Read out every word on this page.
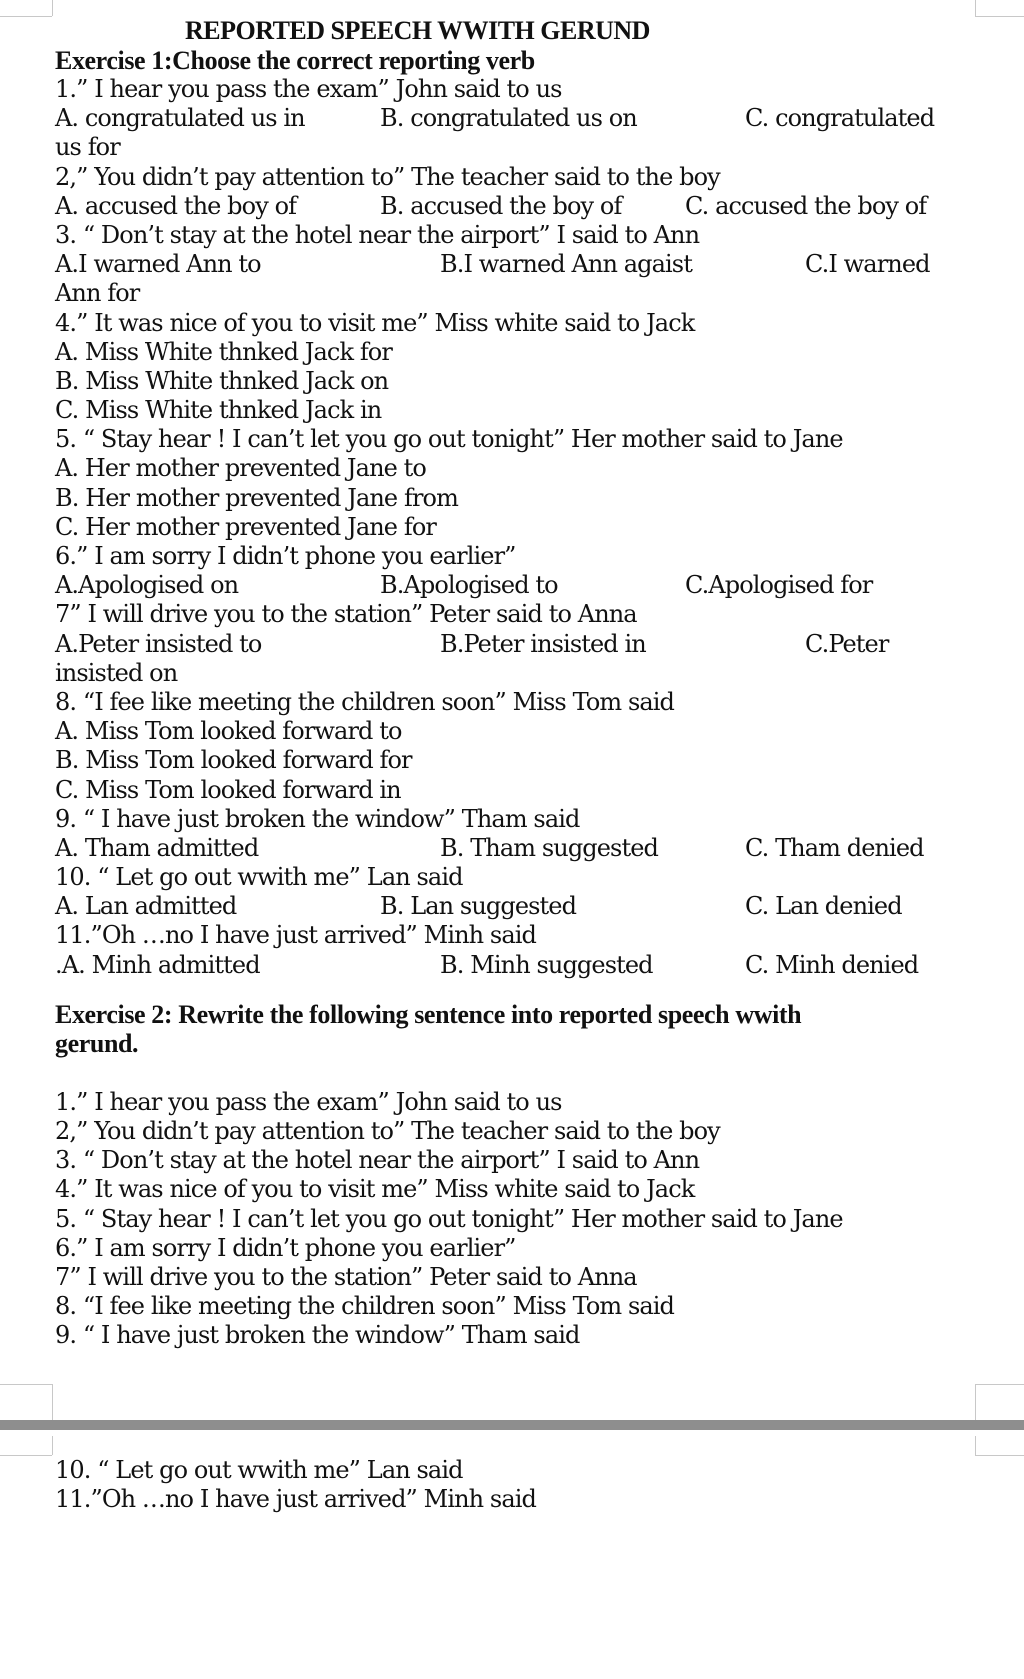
REPORTED SPEECH WWITH GERUND
Exercise 1:Choose the correct reporting verb
1.” I hear you pass the exam” John said to us
A. congratulated us in	B. congratulated us on	C. congratulated
us for
2,” You didn’t pay attention to” The teacher said to the boy
A. accused the boy of	B. accused the boy of	C. accused the boy of
3. “ Don’t stay at the hotel near the airport” I said to Ann
A.I warned Ann to	B.I warned Ann agaist	C.I warned
Ann for
4.” It was nice of you to visit me” Miss white said to Jack
A. Miss White thnked Jack for
B. Miss White thnked Jack on
C. Miss White thnked Jack in
5. “ Stay hear ! I can’t let you go out tonight” Her mother said to Jane
A. Her mother prevented Jane to
B. Her mother prevented Jane from
C. Her mother prevented Jane for
6.” I am sorry I didn’t phone you earlier”
A.Apologised on	B.Apologised to	C.Apologised for
7” I will drive you to the station” Peter said to Anna
A.Peter insisted to	B.Peter insisted in	C.Peter
insisted on
8. “I fee like meeting the children soon” Miss Tom said
A. Miss Tom looked forward to
B. Miss Tom looked forward for
C. Miss Tom looked forward in
9. “ I have just broken the window” Tham said
A. Tham admitted	B. Tham suggested	C. Tham denied
10. “ Let go out wwith me” Lan said
A. Lan admitted	B. Lan suggested	C. Lan denied
11.”Oh …no I have just arrived” Minh said
.A. Minh admitted	B. Minh suggested	C. Minh denied
Exercise 2: Rewrite the following sentence into reported speech wwith
gerund.
1.” I hear you pass the exam” John said to us
2,” You didn’t pay attention to” The teacher said to the boy
3. “ Don’t stay at the hotel near the airport” I said to Ann
4.” It was nice of you to visit me” Miss white said to Jack
5. “ Stay hear ! I can’t let you go out tonight” Her mother said to Jane
6.” I am sorry I didn’t phone you earlier”
7” I will drive you to the station” Peter said to Anna
8. “I fee like meeting the children soon” Miss Tom said
9. “ I have just broken the window” Tham said
10. “ Let go out wwith me” Lan said
11.”Oh …no I have just arrived” Minh said
